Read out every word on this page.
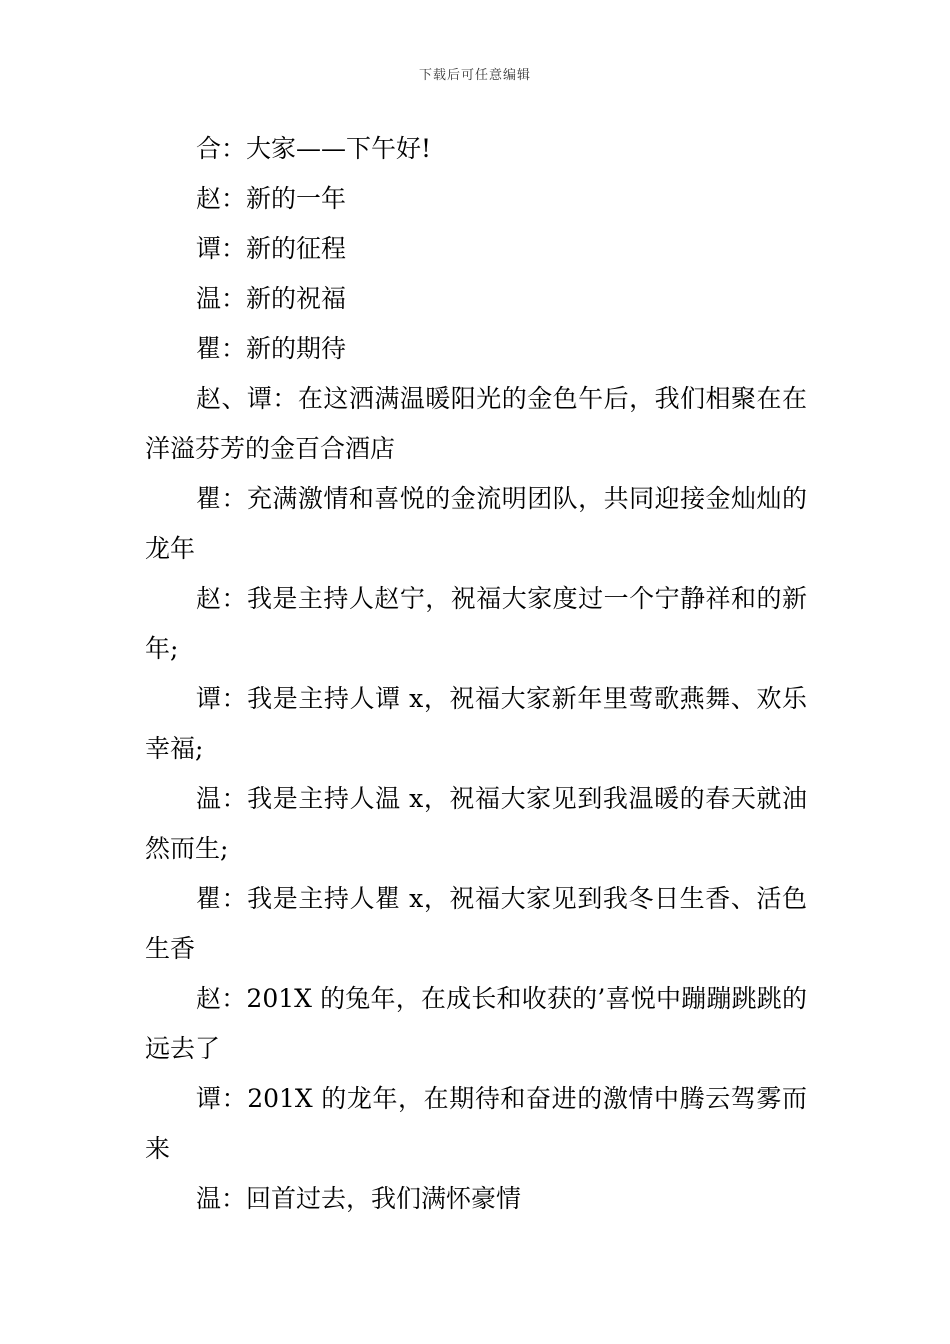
下载后可任意编辑

合：大家——下午好!

赵：新的一年

谭：新的征程

温：新的祝福

瞿：新的期待

赵、谭：在这洒满温暖阳光的金色午后，我们相聚在在洋溢芬芳的金百合酒店

瞿：充满激情和喜悦的金流明团队，共同迎接金灿灿的龙年

赵：我是主持人赵宁，祝福大家度过一个宁静祥和的新年;

谭：我是主持人谭 x，祝福大家新年里莺歌燕舞、欢乐幸福;

温：我是主持人温 x，祝福大家见到我温暖的春天就油然而生;

瞿：我是主持人瞿 x，祝福大家见到我冬日生香、活色生香

赵：201X 的兔年，在成长和收获的’喜悦中蹦蹦跳跳的远去了

谭：201X 的龙年，在期待和奋进的激情中腾云驾雾而来

温：回首过去，我们满怀豪情
